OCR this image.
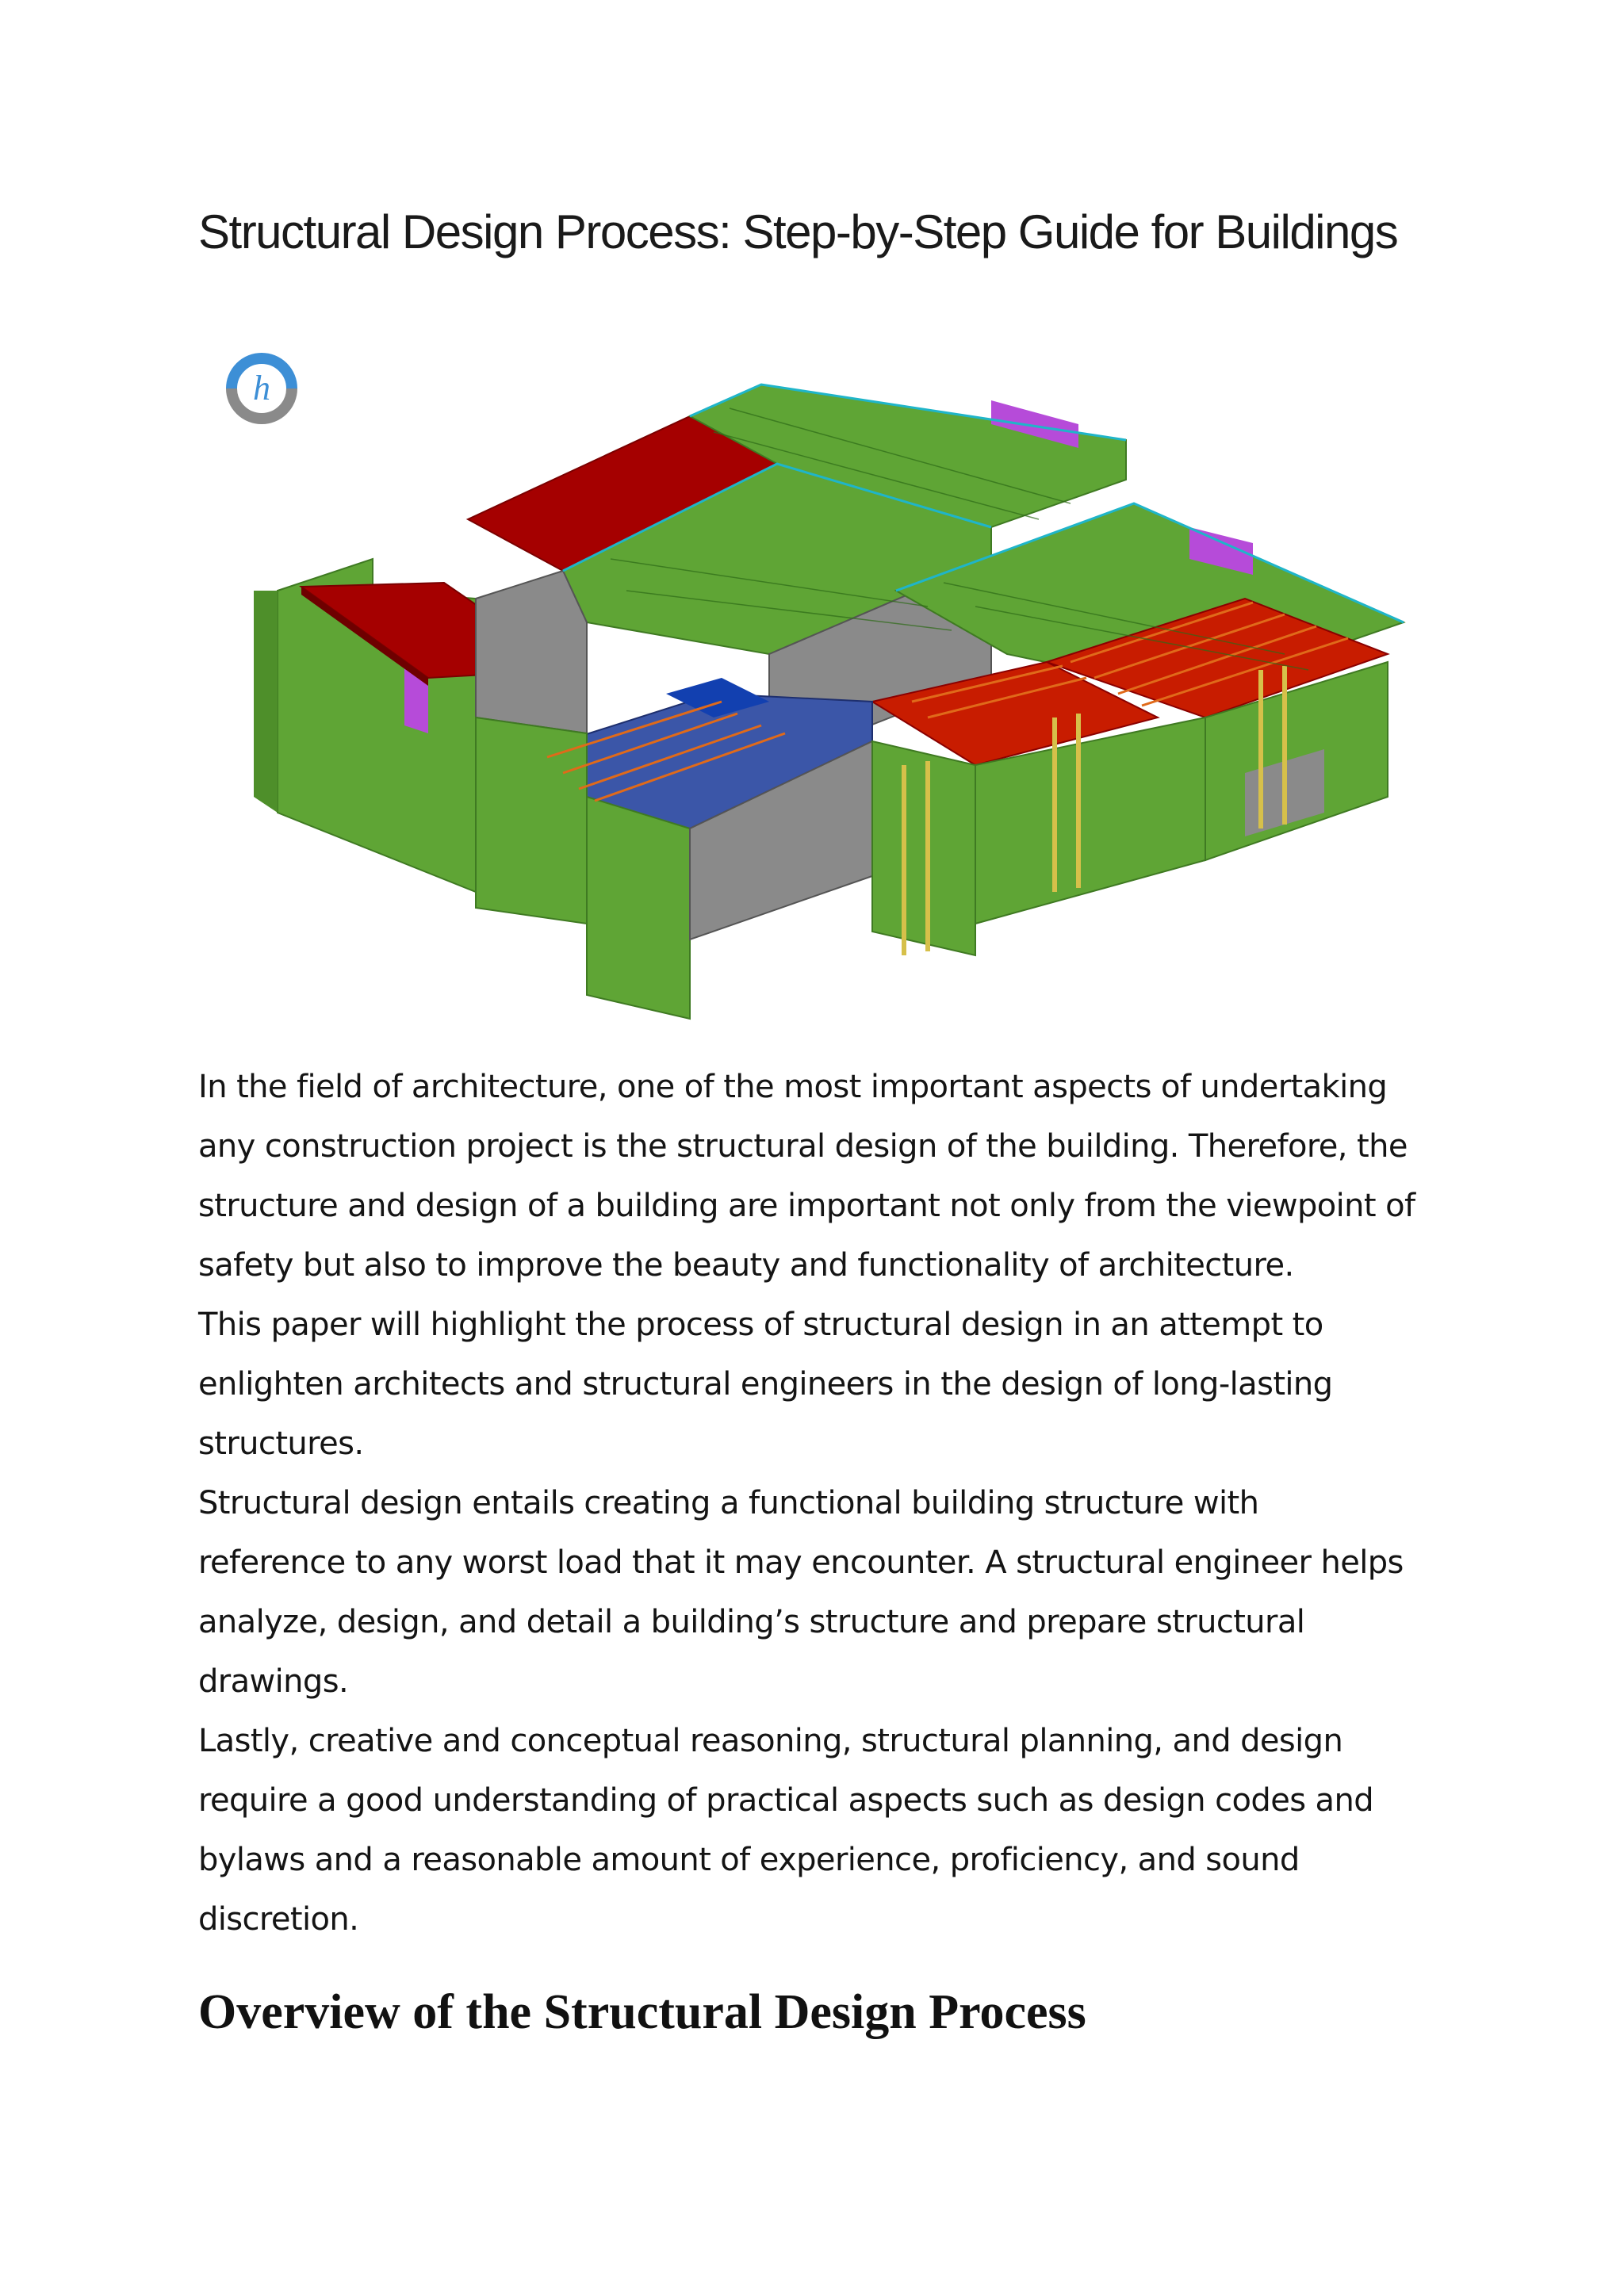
Structural Design Process: Step-by-Step Guide for Buildings
h

In the field of architecture, one of the most important aspects of undertaking

any construction project is the structural design of the building. Therefore, the

structure and design of a building are important not only from the viewpoint of

safety but also to improve the beauty and functionality of architecture.

This paper will highlight the process of structural design in an attempt to

enlighten architects and structural engineers in the design of long-lasting

structures.

Structural design entails creating a functional building structure with

reference to any worst load that it may encounter. A structural engineer helps

analyze, design, and detail a building’s structure and prepare structural

drawings.

Lastly, creative and conceptual reasoning, structural planning, and design

require a good understanding of practical aspects such as design codes and

bylaws and a reasonable amount of experience, proficiency, and sound

discretion.

Overview of the Structural Design Process
